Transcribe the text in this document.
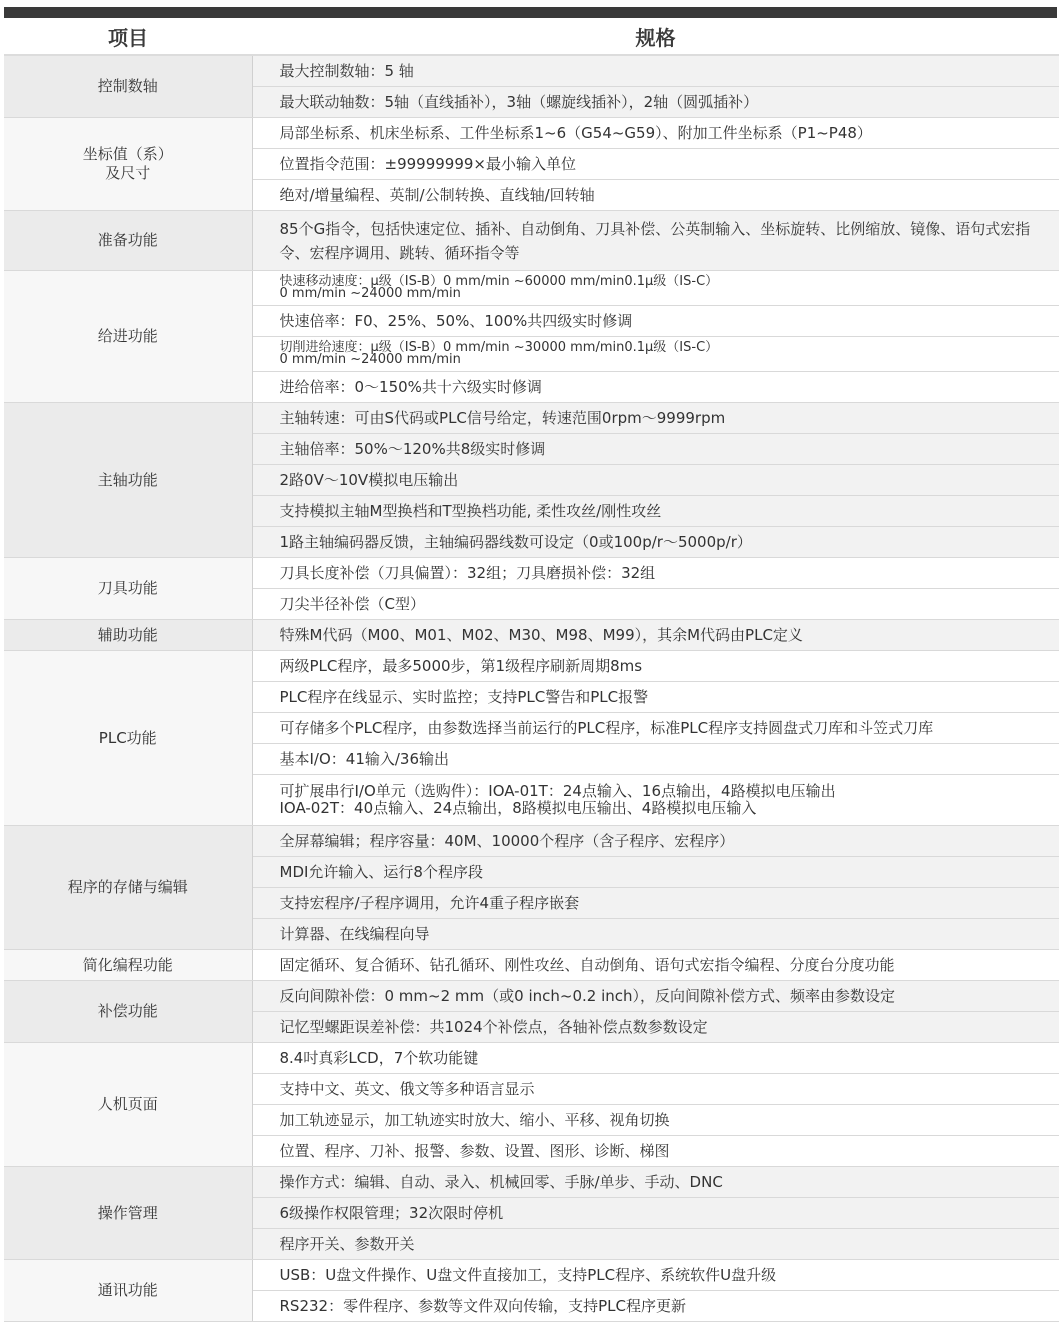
项目	规格
控制数轴	最大控制数轴：5 轴
	最大联动轴数：5轴（直线插补），3轴（螺旋线插补），2轴（圆弧插补）

坐标值（系）
及尺寸	局部坐标系、机床坐标系、工件坐标系1~6（G54~G59）、附加工件坐标系（P1~P48）
	位置指令范围：±99999999×最小输入单位
	绝对/增量编程、英制/公制转换、直线轴/回转轴
准备功能	85个G指令，包括快速定位、插补、自动倒角、刀具补偿、公英制输入、坐标旋转、比例缩放、镜像、语句式宏指令、宏程序调用、跳转、循环指令等
给进功能	快速移动速度：μ级（IS-B）0 mm/min ~60000 mm/min0.1μ级（IS-C）
0 mm/min ~24000 mm/min

	快速倍率：F0、25%、50%、100%共四级实时修调

	切削进给速度：μ级（IS-B）0 mm/min ~30000 mm/min0.1μ级（IS-C）
0 mm/min ~24000 mm/min

	进给倍率：0～150%共十六级实时修调
主轴功能	主轴转速：可由S代码或PLC信号给定，转速范围0rpm～9999rpm
	主轴倍率：50%～120%共8级实时修调
	2路0V～10V模拟电压输出
	支持模拟主轴M型换档和T型换档功能, 柔性攻丝/刚性攻丝
	1路主轴编码器反馈，主轴编码器线数可设定（0或100p/r～5000p/r）
刀具功能	刀具长度补偿（刀具偏置）：32组；刀具磨损补偿：32组
	刀尖半径补偿（C型）
辅助功能	特殊M代码（M00、M01、M02、M30、M98、M99），其余M代码由PLC定义
PLC功能	两级PLC程序，最多5000步，第1级程序刷新周期8ms
	PLC程序在线显示、实时监控；支持PLC警告和PLC报警
	可存储多个PLC程序，由参数选择当前运行的PLC程序，标准PLC程序支持圆盘式刀库和斗笠式刀库
	基本I/O：41输入/36输出

	可扩展串行I/O单元（选购件）：IOA-01T：24点输入、16点输出，4路模拟电压输出
IOA-02T：40点输入、24点输出，8路模拟电压输出、4路模拟电压输入

程序的存储与编辑	全屏幕编辑；程序容量：40M、10000个程序（含子程序、宏程序）
	MDI允许输入、运行8个程序段
	支持宏程序/子程序调用，允许4重子程序嵌套
	计算器、在线编程向导
简化编程功能	固定循环、复合循环、钻孔循环、刚性攻丝、自动倒角、语句式宏指令编程、分度台分度功能
补偿功能	反向间隙补偿：0 mm~2 mm（或0 inch~0.2 inch），反向间隙补偿方式、频率由参数设定
	记忆型螺距误差补偿：共1024个补偿点，各轴补偿点数参数设定
人机页面	8.4吋真彩LCD，7个软功能键
	支持中文、英文、俄文等多种语言显示
	加工轨迹显示，加工轨迹实时放大、缩小、平移、视角切换
	位置、程序、刀补、报警、参数、设置、图形、诊断、梯图
操作管理	操作方式：编辑、自动、录入、机械回零、手脉/单步、手动、DNC
	6级操作权限管理；32次限时停机
	程序开关、参数开关
通讯功能	USB：U盘文件操作、U盘文件直接加工，支持PLC程序、系统软件U盘升级
	RS232：零件程序、参数等文件双向传输，支持PLC程序更新
